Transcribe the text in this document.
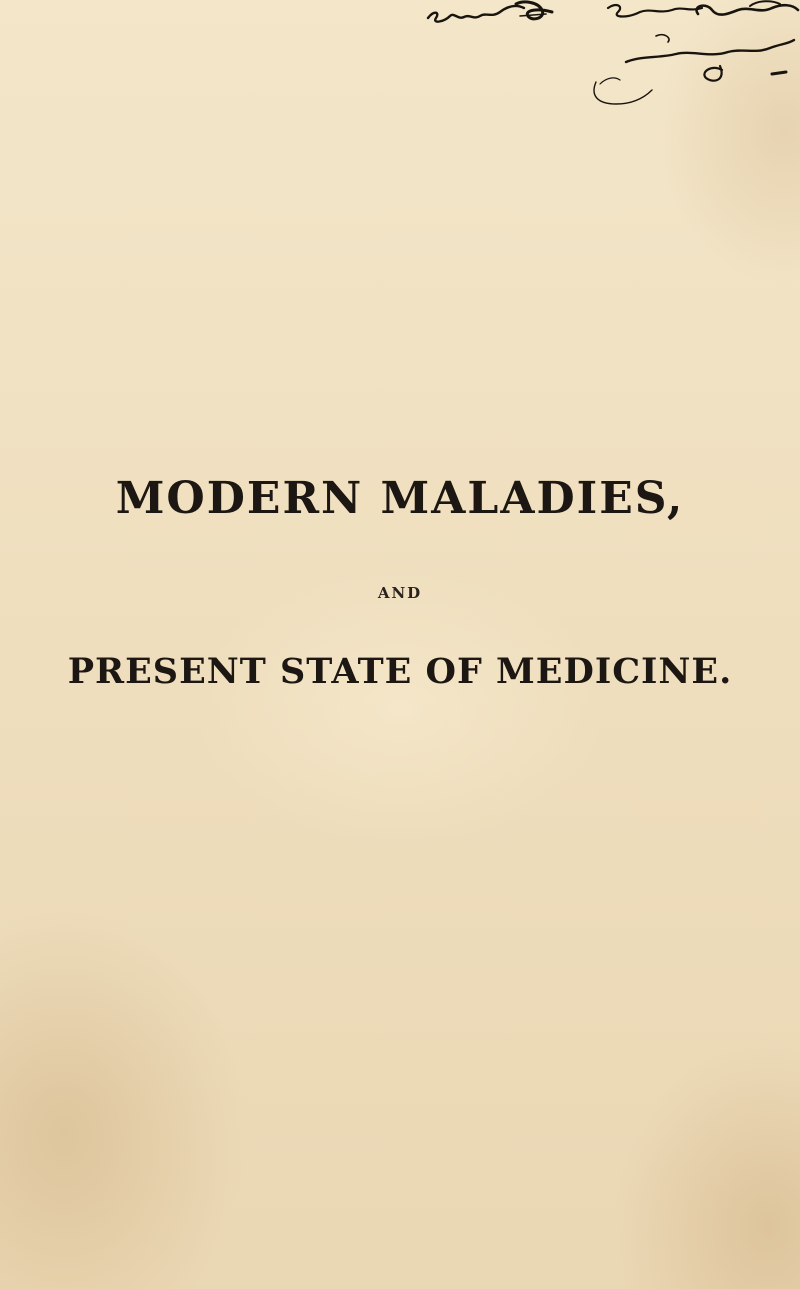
MODERN MALADIES,
AND
PRESENT STATE OF MEDICINE.
